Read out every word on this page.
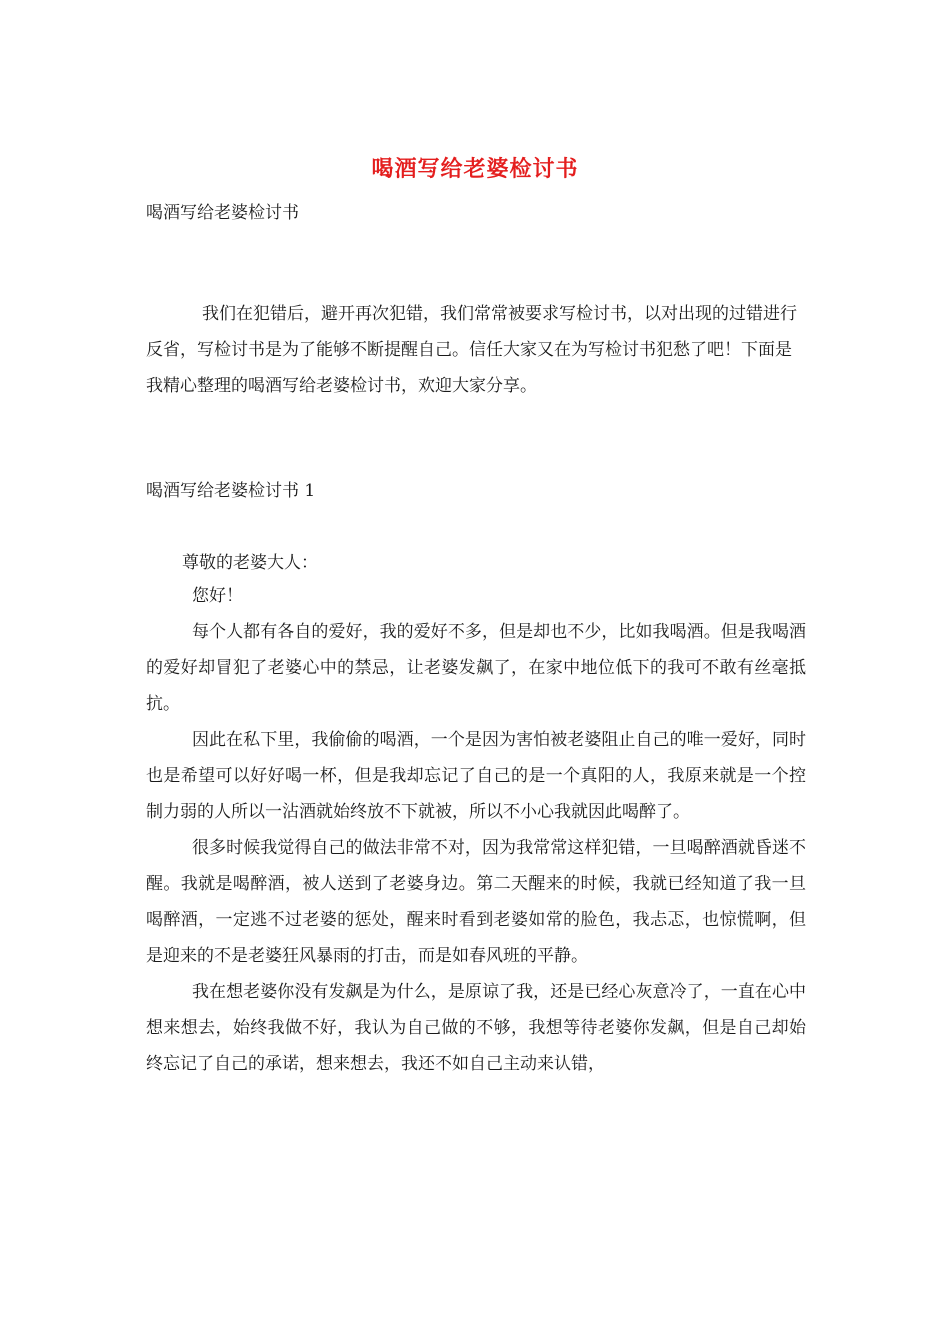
喝酒写给老婆检讨书
喝酒写给老婆检讨书

我们在犯错后，避开再次犯错，我们常常被要求写检讨书，以对出现的过错进行反省，写检讨书是为了能够不断提醒自己。信任大家又在为写检讨书犯愁了吧！下面是我精心整理的喝酒写给老婆检讨书，欢迎大家分享。

喝酒写给老婆检讨书 1
尊敬的老婆大人：

您好！

每个人都有各自的爱好，我的爱好不多，但是却也不少，比如我喝酒。但是我喝酒的爱好却冒犯了老婆心中的禁忌，让老婆发飙了，在家中地位低下的我可不敢有丝毫抵抗。

因此在私下里，我偷偷的喝酒，一个是因为害怕被老婆阻止自己的唯一爱好，同时也是希望可以好好喝一杯，但是我却忘记了自己的是一个真阳的人，我原来就是一个控制力弱的人所以一沾酒就始终放不下就被，所以不小心我就因此喝醉了。

很多时候我觉得自己的做法非常不对，因为我常常这样犯错，一旦喝醉酒就昏迷不醒。我就是喝醉酒，被人送到了老婆身边。第二天醒来的时候，我就已经知道了我一旦喝醉酒，一定逃不过老婆的惩处，醒来时看到老婆如常的脸色，我忐忑，也惊慌啊，但是迎来的不是老婆狂风暴雨的打击，而是如春风班的平静。

我在想老婆你没有发飙是为什么，是原谅了我，还是已经心灰意冷了，一直在心中想来想去，始终我做不好，我认为自己做的不够，我想等待老婆你发飙，但是自己却始终忘记了自己的承诺，想来想去，我还不如自己主动来认错，
